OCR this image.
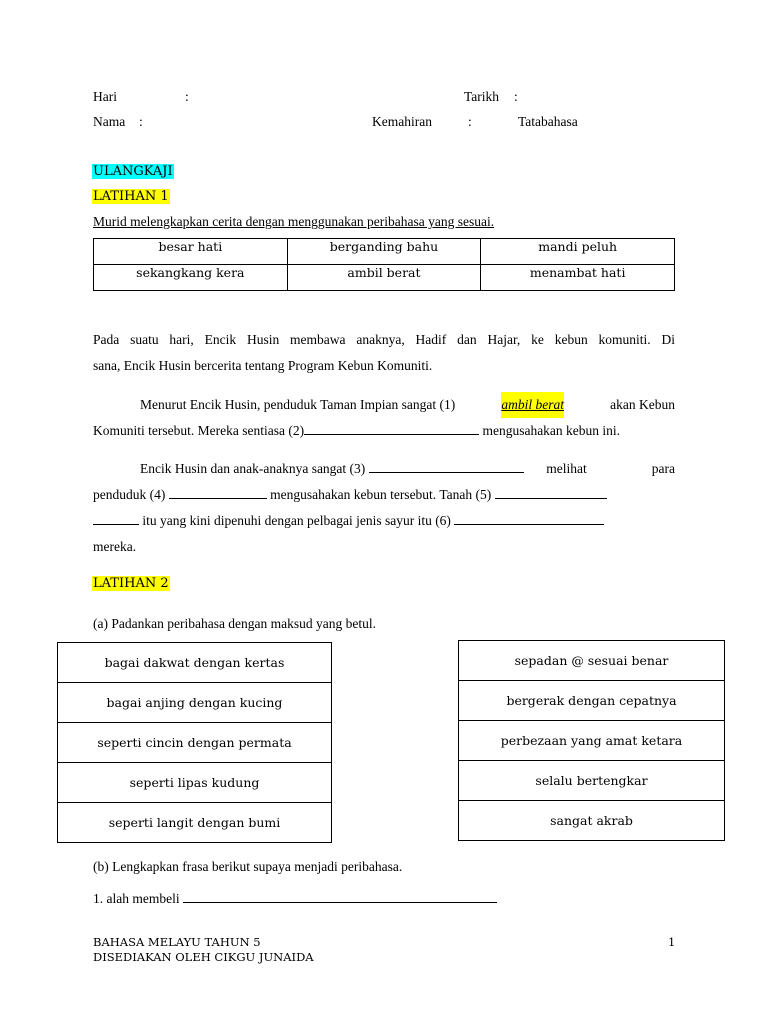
Hari	:	Tarikh :
Nama :	Kemahiran	:	Tatabahasa
ULANGKAJI
LATIHAN 1
Murid melengkapkan cerita dengan menggunakan peribahasa yang sesuai.
besar hati	berganding bahu	mandi peluh
sekangkang kera	ambil berat	menambat hati
Pada suatu hari, Encik Husin membawa anaknya, Hadif dan Hajar, ke kebun komuniti. Di
sana, Encik Husin bercerita tentang Program Kebun Komuniti.
Menurut Encik Husin, penduduk Taman Impian sangat (1)	ambil berat	akan Kebun
Komuniti tersebut. Mereka sentiasa (2)	mengusahakan kebun ini.
Encik Husin dan anak-anaknya sangat (3)	melihat	para
penduduk (4)	mengusahakan kebun tersebut. Tanah (5)
itu yang kini dipenuhi dengan pelbagai jenis sayur itu (6)
mereka.
LATIHAN 2
(a) Padankan peribahasa dengan maksud yang betul.
bagai dakwat dengan kertas
bagai anjing dengan kucing
seperti cincin dengan permata
seperti lipas kudung
seperti langit dengan bumi
sepadan @ sesuai benar
bergerak dengan cepatnya
perbezaan yang amat ketara
selalu bertengkar
sangat akrab
(b) Lengkapkan frasa berikut supaya menjadi peribahasa.
1. alah membeli
BAHASA MELAYU TAHUN 5
DISEDIAKAN OLEH CIKGU JUNAIDA
1
